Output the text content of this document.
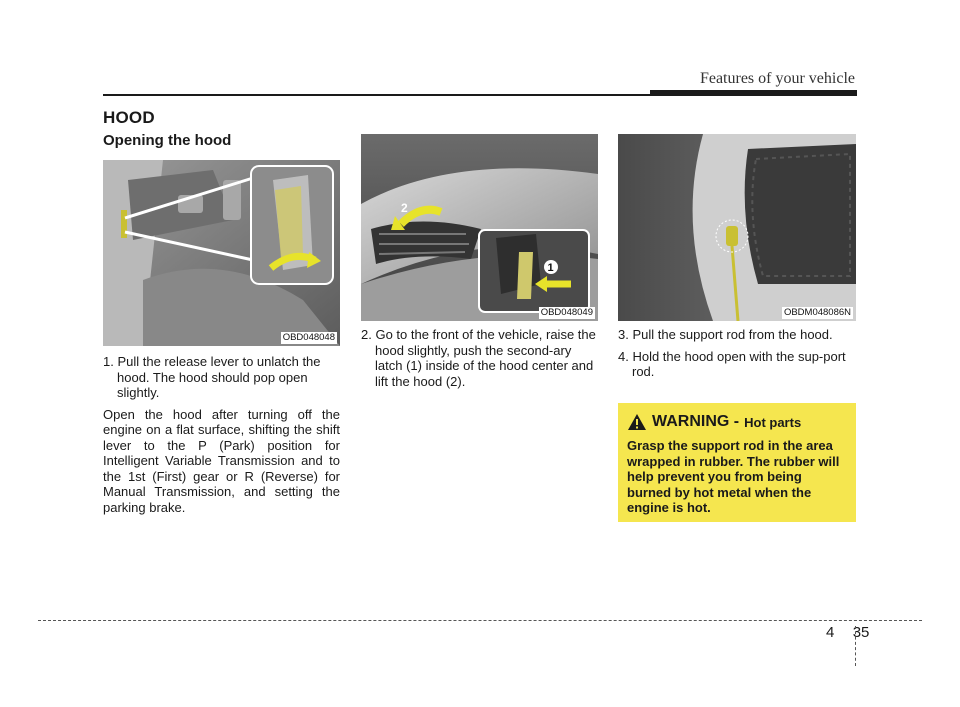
Features of your vehicle
HOOD
Opening the hood
OBD048048
2
1
OBD048049	OBDM048086N
1. Pull the release lever to unlatch the hood. The hood should pop open slightly.
Open the hood after turning off the engine on a flat surface, shifting the shift lever to the P (Park) position for Intelligent Variable Transmission and to the 1st (First) gear or R (Reverse) for Manual Transmission, and setting the parking brake.
2. Go to the front of the vehicle, raise the hood slightly, push the second-ary latch (1) inside of the hood center and lift the hood (2).
3. Pull the support rod from the hood.
4. Hold the hood open with the sup-port rod.
WARNING - Hot parts
Grasp the support rod in the area wrapped in rubber. The rubber will help prevent you from being burned by hot metal when the engine is hot.
4 35
